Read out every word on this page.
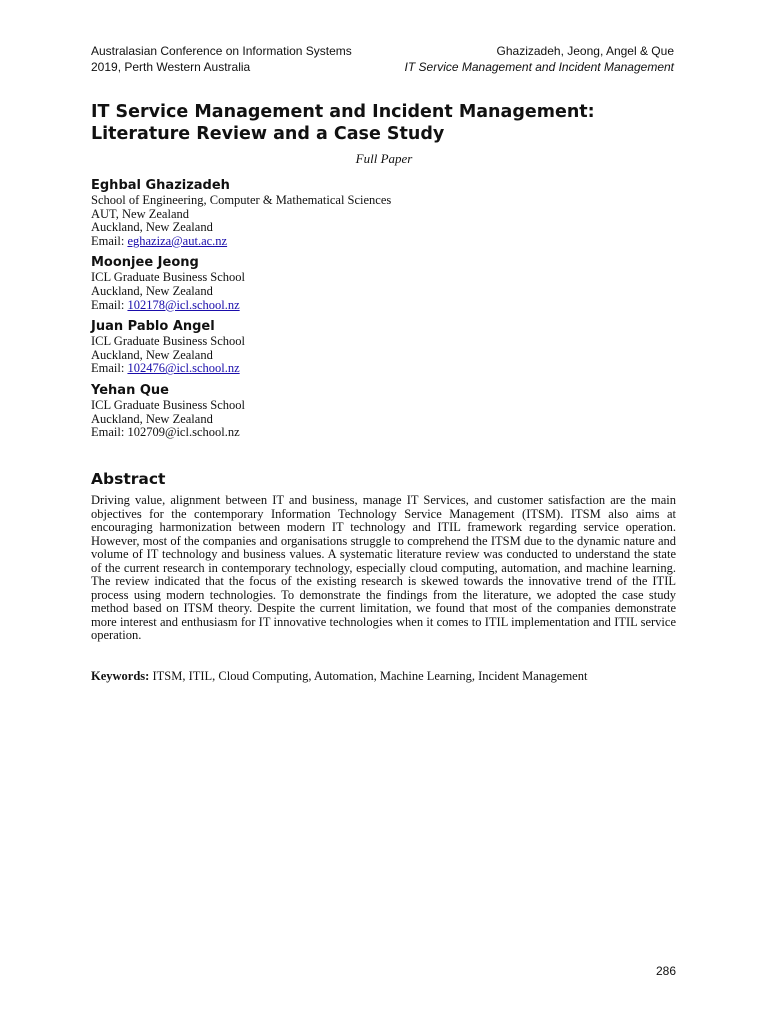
Australasian Conference on Information Systems
2019, Perth Western Australia
Ghazizadeh, Jeong, Angel & Que
IT Service Management and Incident Management
IT Service Management and Incident Management:
Literature Review and a Case Study
Full Paper
Eghbal Ghazizadeh
School of Engineering, Computer & Mathematical Sciences
AUT, New Zealand
Auckland, New Zealand
Email: eghaziza@aut.ac.nz
Moonjee Jeong
ICL Graduate Business School
Auckland, New Zealand
Email: 102178@icl.school.nz
Juan Pablo Angel
ICL Graduate Business School
Auckland, New Zealand
Email: 102476@icl.school.nz
Yehan Que
ICL Graduate Business School
Auckland, New Zealand
Email: 102709@icl.school.nz
Abstract

Driving value, alignment between IT and business, manage IT Services, and customer satisfaction are the main objectives for the contemporary Information Technology Service Management (ITSM). ITSM also aims at encouraging harmonization between modern IT technology and ITIL framework regarding service operation. However, most of the companies and organisations struggle to comprehend the ITSM due to the dynamic nature and volume of IT technology and business values. A systematic literature review was conducted to understand the state of the current research in contemporary technology, especially cloud computing, automation, and machine learning. The review indicated that the focus of the existing research is skewed towards the innovative trend of the ITIL process using modern technologies. To demonstrate the findings from the literature, we adopted the case study method based on ITSM theory. Despite the current limitation, we found that most of the companies demonstrate more interest and enthusiasm for IT innovative technologies when it comes to ITIL implementation and ITIL service operation.

Keywords: ITSM, ITIL, Cloud Computing, Automation, Machine Learning, Incident Management

286
